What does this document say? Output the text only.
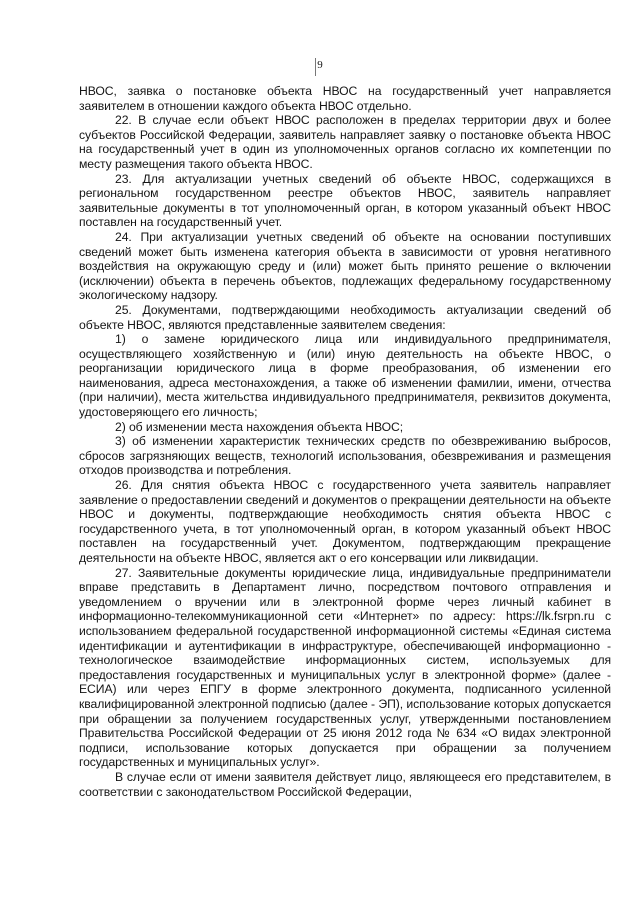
9

НВОС, заявка о постановке объекта НВОС на государственный учет направляется заявителем в отношении каждого объекта НВОС отдельно.

22. В случае если объект НВОС расположен в пределах территории двух и более субъектов Российской Федерации, заявитель направляет заявку о постановке объекта НВОС на государственный учет в один из уполномоченных органов согласно их компетенции по месту размещения такого объекта НВОС.

23. Для актуализации учетных сведений об объекте НВОС, содержащихся в региональном государственном реестре объектов НВОС, заявитель направляет заявительные документы в тот уполномоченный орган, в котором указанный объект НВОС поставлен на государственный учет.

24. При актуализации учетных сведений об объекте на основании поступивших сведений может быть изменена категория объекта в зависимости от уровня негативного воздействия на окружающую среду и (или) может быть принято решение о включении (исключении) объекта в перечень объектов, подлежащих федеральному государственному экологическому надзору.

25. Документами, подтверждающими необходимость актуализации сведений об объекте НВОС, являются представленные заявителем сведения:

1) о замене юридического лица или индивидуального предпринимателя, осуществляющего хозяйственную и (или) иную деятельность на объекте НВОС, о реорганизации юридического лица в форме преобразования, об изменении его наименования, адреса местонахождения, а также об изменении фамилии, имени, отчества (при наличии), места жительства индивидуального предпринимателя, реквизитов документа, удостоверяющего его личность;

2) об изменении места нахождения объекта НВОС;

3) об изменении характеристик технических средств по обезвреживанию выбросов, сбросов загрязняющих веществ, технологий использования, обезвреживания и размещения отходов производства и потребления.

26. Для снятия объекта НВОС с государственного учета заявитель направляет заявление о предоставлении сведений и документов о прекращении деятельности на объекте НВОС и документы, подтверждающие необходимость снятия объекта НВОС с государственного учета, в тот уполномоченный орган, в котором указанный объект НВОС поставлен на государственный учет. Документом, подтверждающим прекращение деятельности на объекте НВОС, является акт о его консервации или ликвидации.

27. Заявительные документы юридические лица, индивидуальные предприниматели вправе представить в Департамент лично, посредством почтового отправления и уведомлением о вручении или в электронной форме через личный кабинет в информационно-телекоммуникационной сети «Интернет» по адресу: https://lk.fsrpn.ru с использованием федеральной государственной информационной системы «Единая система идентификации и аутентификации в инфраструктуре, обеспечивающей информационно - технологическое взаимодействие информационных систем, используемых для предоставления государственных и муниципальных услуг в электронной форме» (далее - ЕСИА) или через ЕПГУ в форме электронного документа, подписанного усиленной квалифицированной электронной подписью (далее - ЭП), использование которых допускается при обращении за получением государственных услуг, утвержденными постановлением Правительства Российской Федерации от 25 июня 2012 года № 634 «О видах электронной подписи, использование которых допускается при обращении за получением государственных и муниципальных услуг».

В случае если от имени заявителя действует лицо, являющееся его представителем, в соответствии с законодательством Российской Федерации,
